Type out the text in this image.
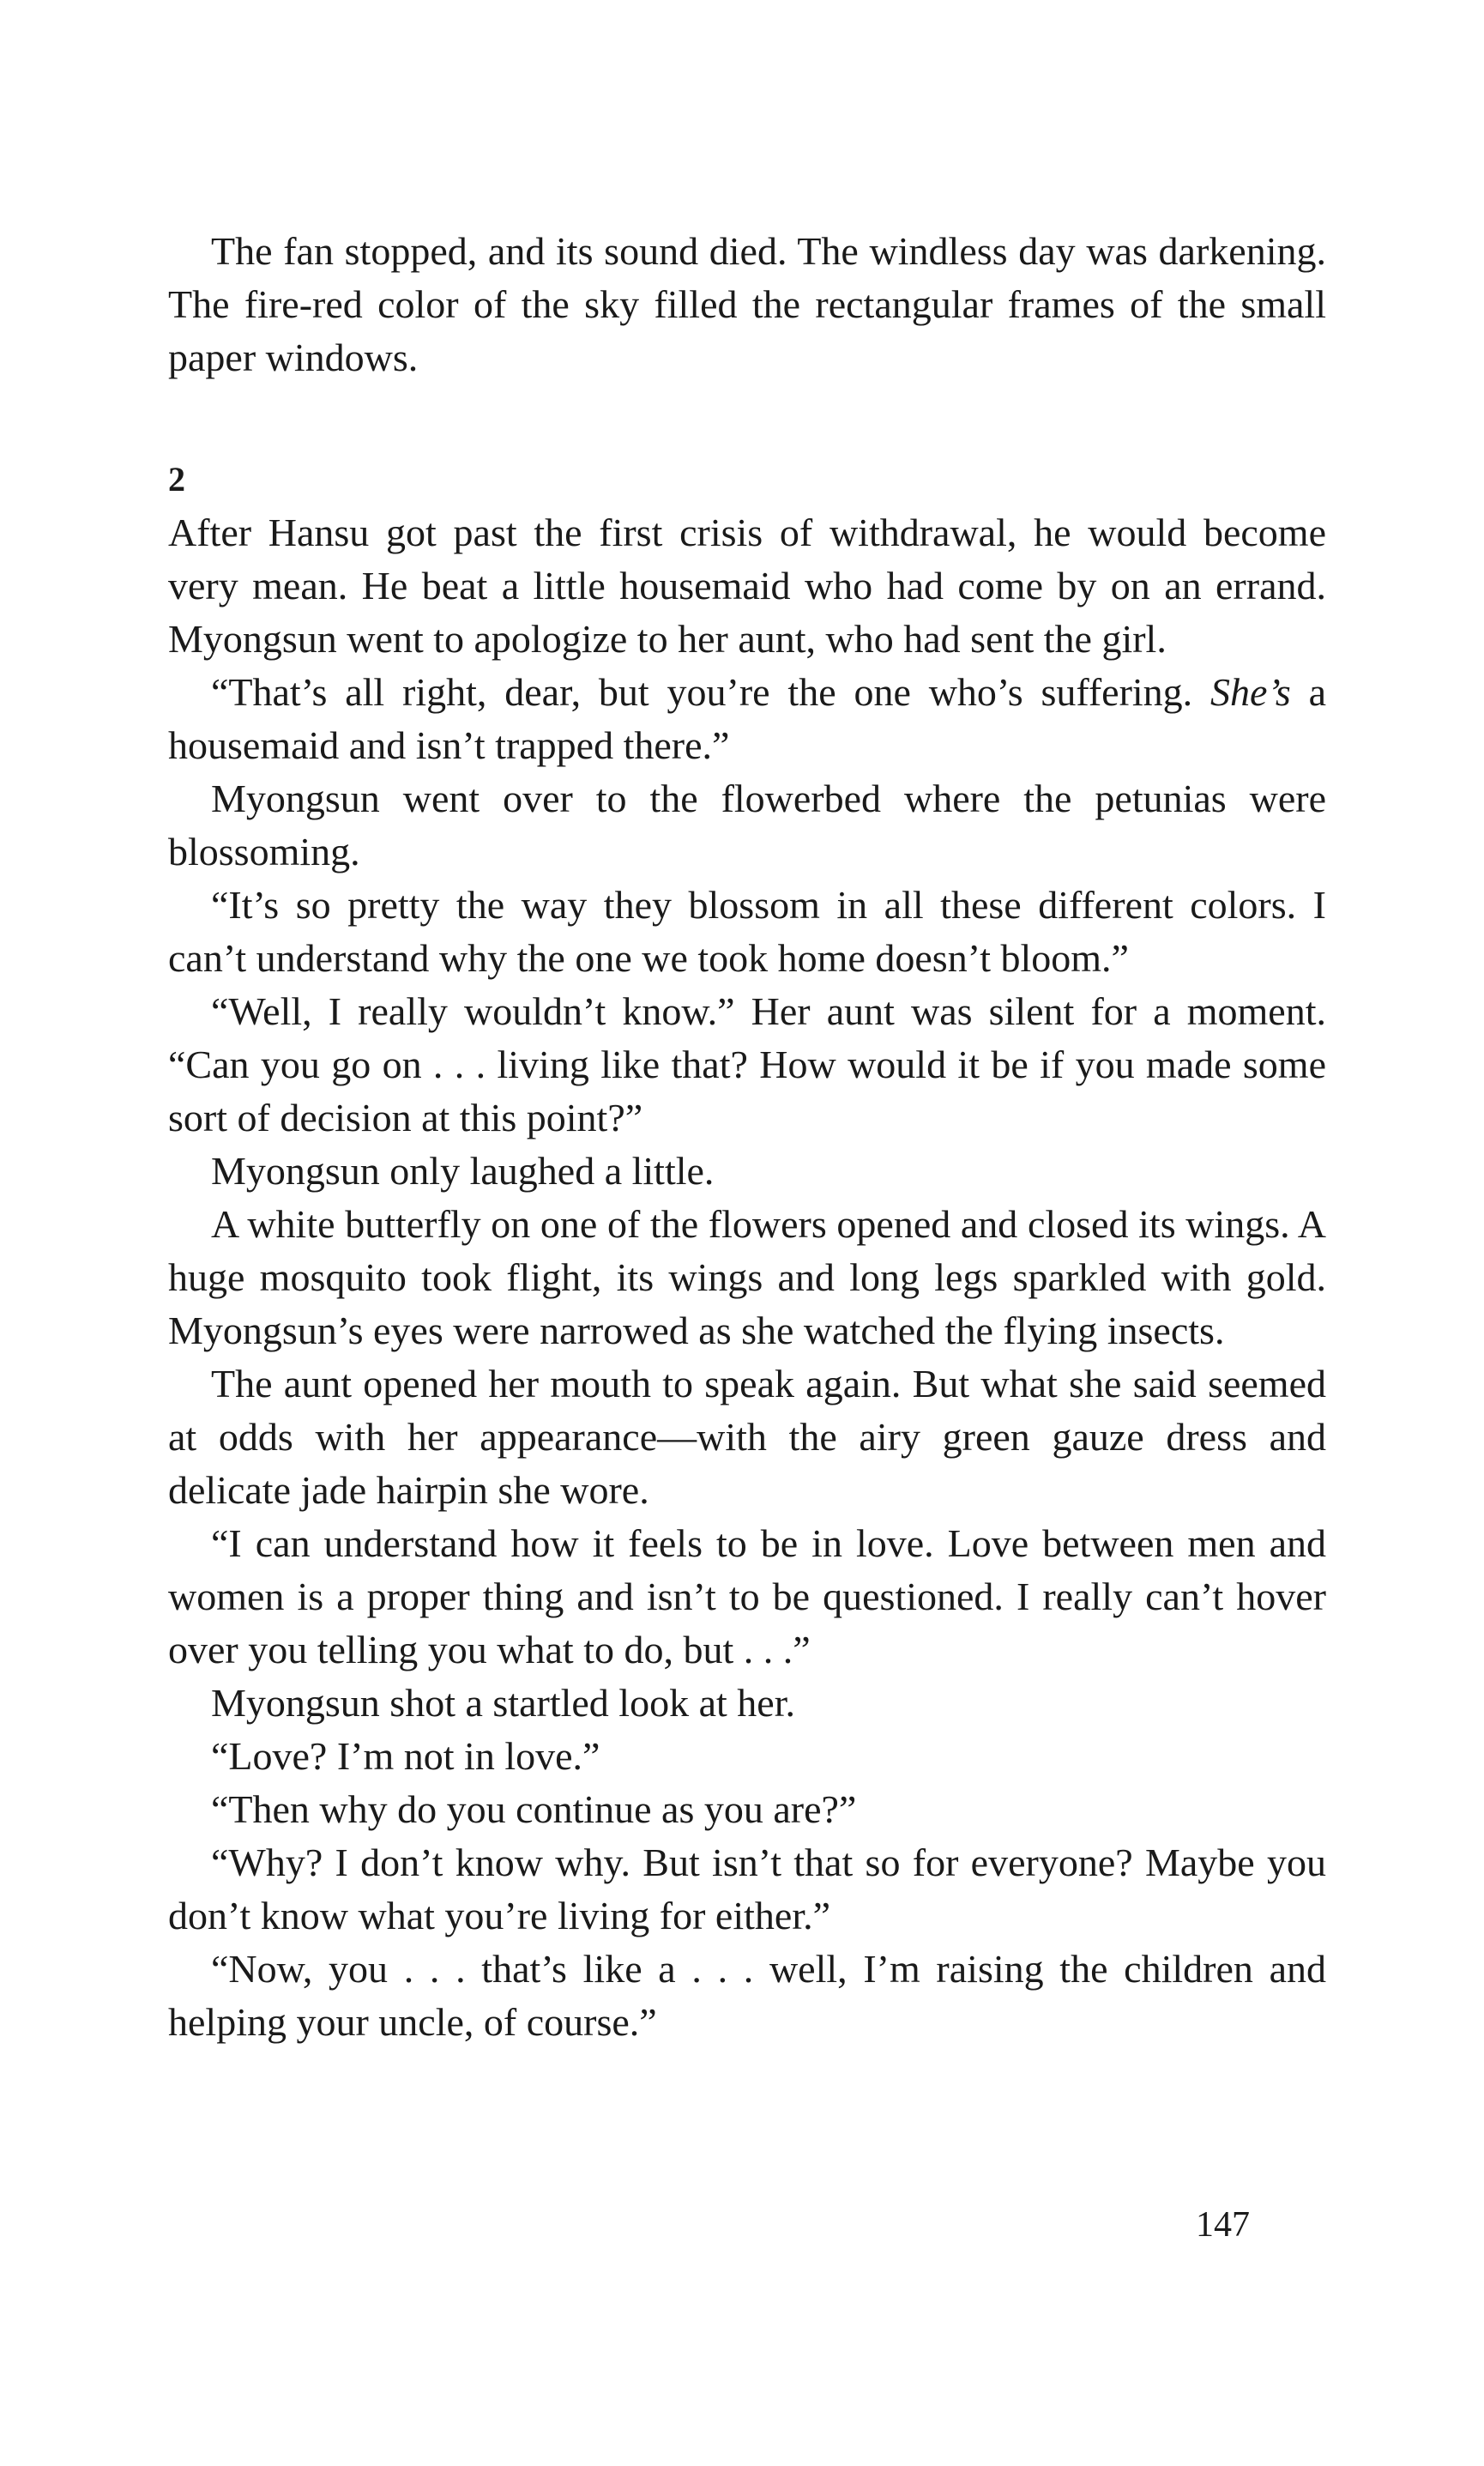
The fan stopped, and its sound died. The windless day was darkening. The fire-red color of the sky filled the rectangular frames of the small paper windows.

2

After Hansu got past the first crisis of withdrawal, he would become very mean. He beat a little housemaid who had come by on an errand. Myongsun went to apologize to her aunt, who had sent the girl.

“That’s all right, dear, but you’re the one who’s suffering. She’s a housemaid and isn’t trapped there.”

Myongsun went over to the flowerbed where the petunias were blossoming.

“It’s so pretty the way they blossom in all these different colors. I can’t understand why the one we took home doesn’t bloom.”

“Well, I really wouldn’t know.” Her aunt was silent for a moment. “Can you go on . . . living like that? How would it be if you made some sort of decision at this point?”

Myongsun only laughed a little.

A white butterfly on one of the flowers opened and closed its wings. A huge mosquito took flight, its wings and long legs sparkled with gold. Myongsun’s eyes were narrowed as she watched the flying insects.

The aunt opened her mouth to speak again. But what she said seemed at odds with her appearance—with the airy green gauze dress and delicate jade hairpin she wore.

“I can understand how it feels to be in love. Love between men and women is a proper thing and isn’t to be questioned. I really can’t hover over you telling you what to do, but . . .”

Myongsun shot a startled look at her.

“Love? I’m not in love.”

“Then why do you continue as you are?”

“Why? I don’t know why. But isn’t that so for everyone? Maybe you don’t know what you’re living for either.”

“Now, you . . . that’s like a . . . well, I’m raising the children and helping your uncle, of course.”

147
